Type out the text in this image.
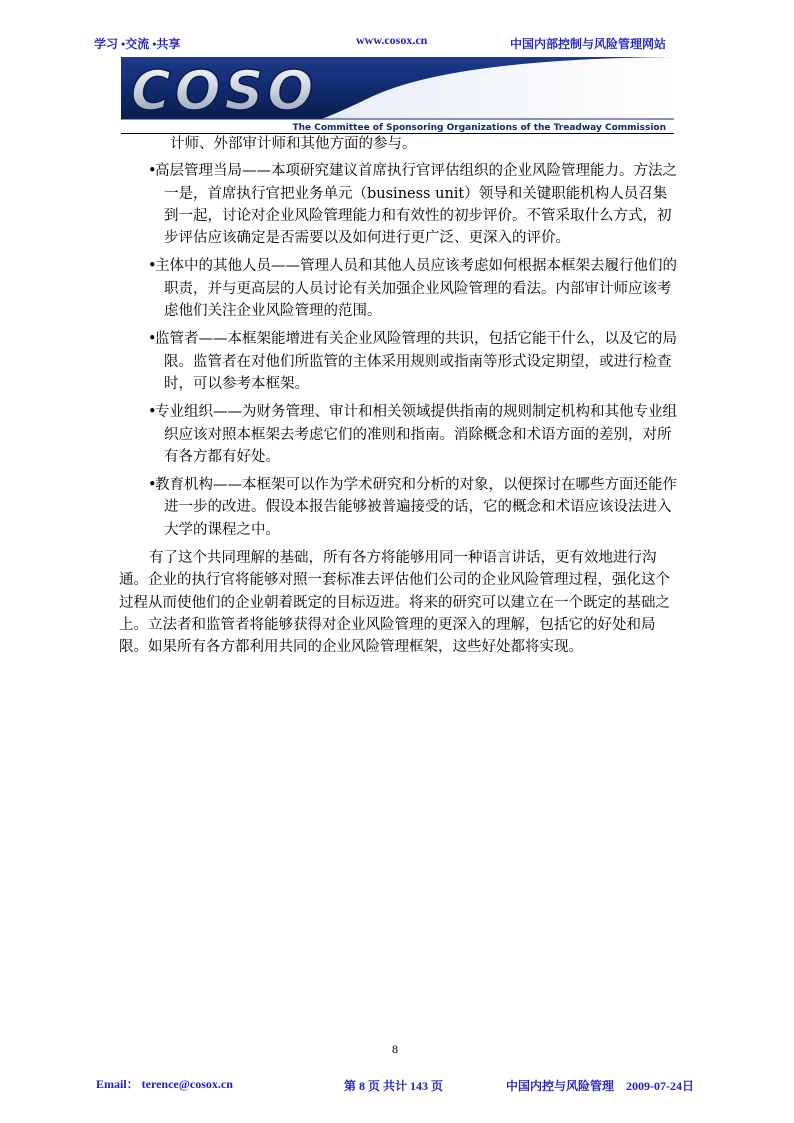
学习 •交流 •共享	www.cosox.cn	中国内部控制与风险管理网站
COSO
The Committee of Sponsoring Organizations of the Treadway Commission

计师、外部审计师和其他方面的参与。

•
高层管理当局——本项研究建议首席执行官评估组织的企业风险管理能力。方法之一是，首席执行官把业务单元（business unit）领导和关键职能机构人员召集到一起，讨论对企业风险管理能力和有效性的初步评价。不管采取什么方式，初步评估应该确定是否需要以及如何进行更广泛、更深入的评价。
•
主体中的其他人员——管理人员和其他人员应该考虑如何根据本框架去履行他们的职责，并与更高层的人员讨论有关加强企业风险管理的看法。内部审计师应该考虑他们关注企业风险管理的范围。
•
监管者——本框架能增进有关企业风险管理的共识，包括它能干什么，以及它的局限。监管者在对他们所监管的主体采用规则或指南等形式设定期望，或进行检查时，可以参考本框架。
•
专业组织——为财务管理、审计和相关领域提供指南的规则制定机构和其他专业组织应该对照本框架去考虑它们的准则和指南。消除概念和术语方面的差别，对所有各方都有好处。
•
教育机构——本框架可以作为学术研究和分析的对象，以便探讨在哪些方面还能作进一步的改进。假设本报告能够被普遍接受的话，它的概念和术语应该设法进入大学的课程之中。

有了这个共同理解的基础，所有各方将能够用同一种语言讲话，更有效地进行沟通。企业的执行官将能够对照一套标准去评估他们公司的企业风险管理过程，强化这个过程从而使他们的企业朝着既定的目标迈进。将来的研究可以建立在一个既定的基础之上。立法者和监管者将能够获得对企业风险管理的更深入的理解，包括它的好处和局限。如果所有各方都利用共同的企业风险管理框架，这些好处都将实现。

8
Email： terence@cosox.cn	第 8 页 共计 143 页	中国内控与风险管理 2009-07-24日
